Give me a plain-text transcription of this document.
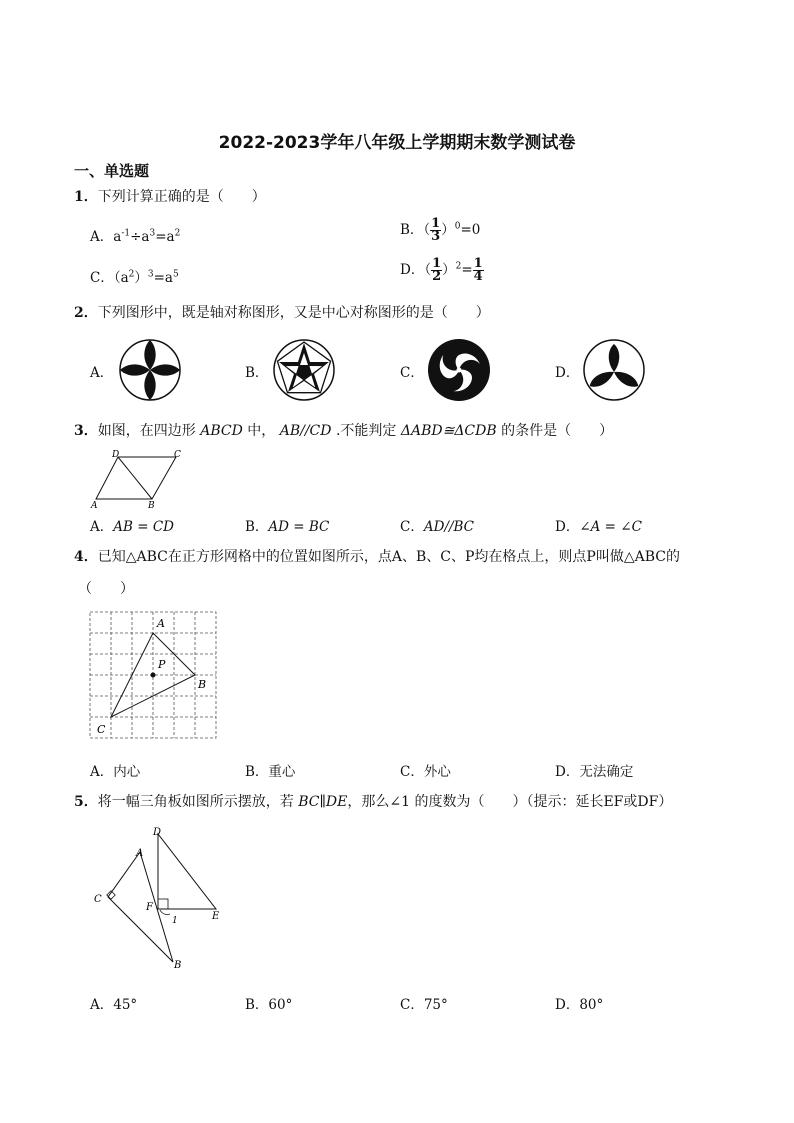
2022-2023学年八年级上学期期末数学测试卷
一、单选题
1．下列计算正确的是（　　）
A．$a^{-1}\div a^3=a^2$	B．（ $\frac{1}{3} )^0=0$
C．$(a^2)^3=a^5$	D．（ $\frac{1}{2} )^2= \frac{1}{4}$
2．下列图形中，既是轴对称图形，又是中心对称图形的是（　　）
A．	B．	C．	D．
3．如图，在四边形 ABCD 中， AB//CD .不能判定 ΔABD≅ΔCDB 的条件是（　　）
A	B
C
D
A．AB = CD	B．AD = BC	C．AD//BC	D．∠A = ∠C
4．已知△ABC在正方形网格中的位置如图所示，点A、B、C、P均在格点上，则点P叫做△ABC的
（　　）
A
B
C
P
A．内心	B．重心	C．外心	D．无法确定
5．将一幅三角板如图所示摆放，若 BC∥DE，那么∠1 的度数为（　　）（提示：延长EF或DF）
A
B
C
D
E
F
1
A．45°	B．60°	C．75°	D．80°
